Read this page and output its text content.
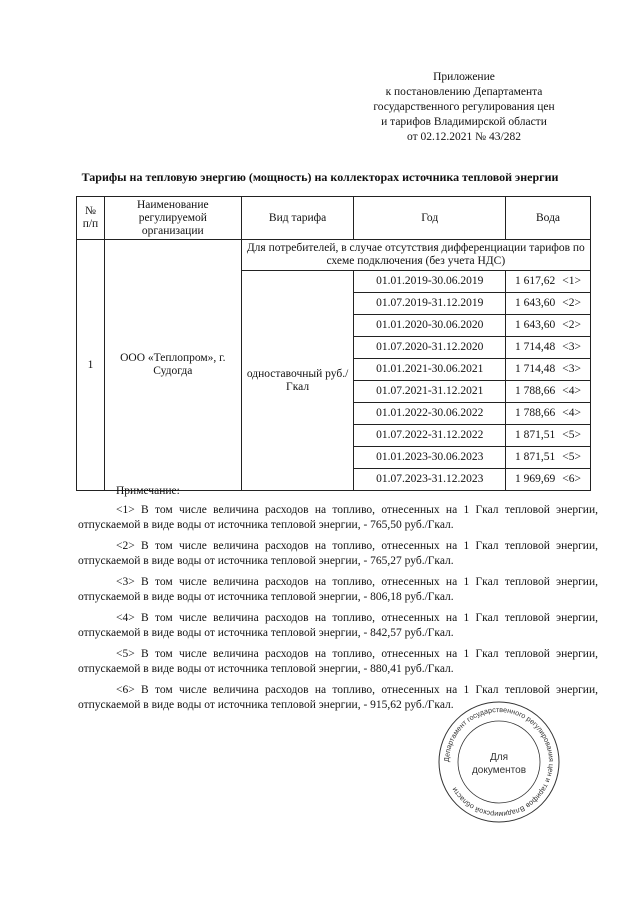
Приложение
к постановлению Департамента
государственного регулирования цен
и тарифов Владимирской области
от 02.12.2021 № 43/282
Тарифы на тепловую энергию (мощность) на коллекторах источника тепловой энергии
№ п/п	Наименование регулируемой организации	Вид тарифа	Год	Вода
1	ООО «Теплопром», г. Судогда	Для потребителей, в случае отсутствия дифференциации тарифов по схеме подключения (без учета НДС)		
		одноставочный руб./Гкал	01.01.2019-30.06.2019	1 617,62 <1>

			01.07.2019-31.12.2019	1 643,60 <2>

			01.01.2020-30.06.2020	1 643,60 <2>

			01.07.2020-31.12.2020	1 714,48 <3>

			01.01.2021-30.06.2021	1 714,48 <3>

			01.07.2021-31.12.2021	1 788,66 <4>

			01.01.2022-30.06.2022	1 788,66 <4>

			01.07.2022-31.12.2022	1 871,51 <5>

			01.01.2023-30.06.2023	1 871,51 <5>

			01.07.2023-31.12.2023	1 969,69 <6>
Примечание:

<1> В том числе величина расходов на топливо, отнесенных на 1 Гкал тепловой энергии, отпускаемой в виде воды от источника тепловой энергии, - 765,50 руб./Гкал.

<2> В том числе величина расходов на топливо, отнесенных на 1 Гкал тепловой энергии, отпускаемой в виде воды от источника тепловой энергии, - 765,27 руб./Гкал.

<3> В том числе величина расходов на топливо, отнесенных на 1 Гкал тепловой энергии, отпускаемой в виде воды от источника тепловой энергии, - 806,18 руб./Гкал.

<4> В том числе величина расходов на топливо, отнесенных на 1 Гкал тепловой энергии, отпускаемой в виде воды от источника тепловой энергии, - 842,57 руб./Гкал.

<5> В том числе величина расходов на топливо, отнесенных на 1 Гкал тепловой энергии, отпускаемой в виде воды от источника тепловой энергии, - 880,41 руб./Гкал.

<6> В том числе величина расходов на топливо, отнесенных на 1 Гкал тепловой энергии, отпускаемой в виде воды от источника тепловой энергии, - 915,62 руб./Гкал.

Департамент государственного регулирования цен и тарифов Владимирской области
Для
документов
